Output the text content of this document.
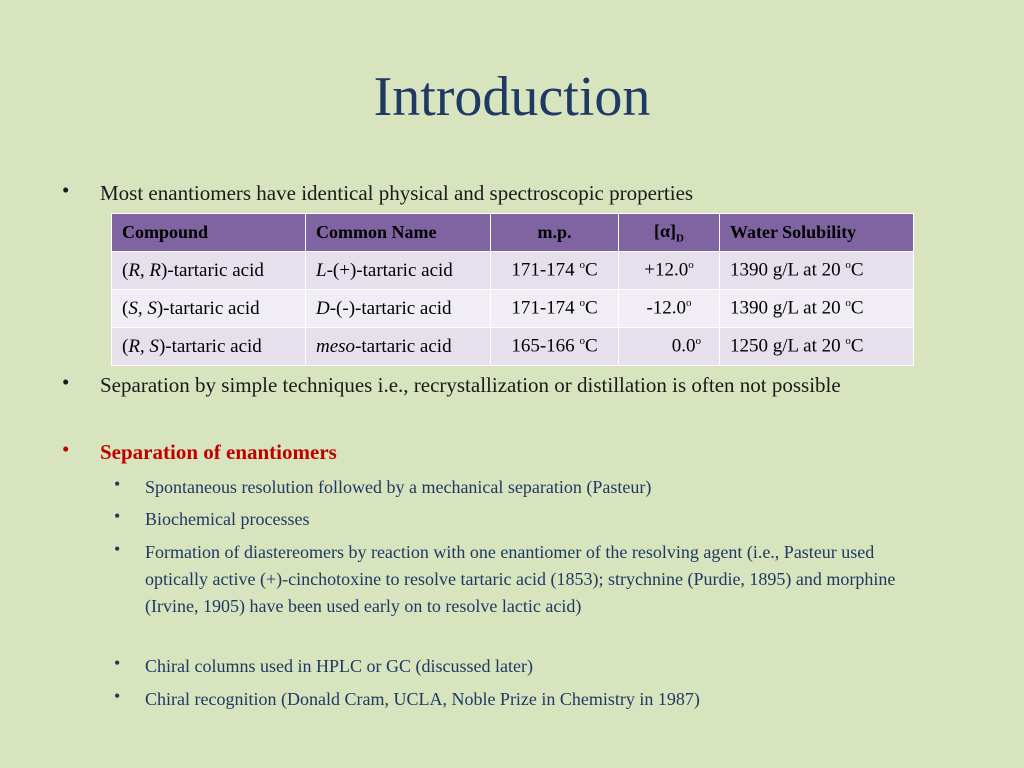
Introduction
•	Most enantiomers have identical physical and spectroscopic properties
Compound	Common Name	m.p.	$[\alpha]_D$	Water Solubility
(R, R)-tartaric acid	L-(+)-tartaric acid	171-174 $^o$C	$+12.0^o$	1390 g/L at 20 $^o$C
(S, S)-tartaric acid	D-(-)-tartaric acid	171-174 $^o$C	-12.0$^o$	1390 g/L at 20 $^o$C
(R, S)-tartaric acid	meso-tartaric acid	165-166 $^o$C	0.0$^o$	1250 g/L at 20 $^o$C
•	Separation by simple techniques i.e., recrystallization or distillation is often not possible
•	Separation of enantiomers
•	Spontaneous resolution followed by a mechanical separation (Pasteur)
•	Biochemical processes
•	Formation of diastereomers by reaction with one enantiomer of the resolving agent (i.e., Pasteur used optically active (+)-cinchotoxine to resolve tartaric acid (1853); strychnine (Purdie, 1895) and morphine (Irvine, 1905) have been used early on to resolve lactic acid)
•	Chiral columns used in HPLC or GC (discussed later)
•	Chiral recognition (Donald Cram, UCLA, Noble Prize in Chemistry in 1987)
